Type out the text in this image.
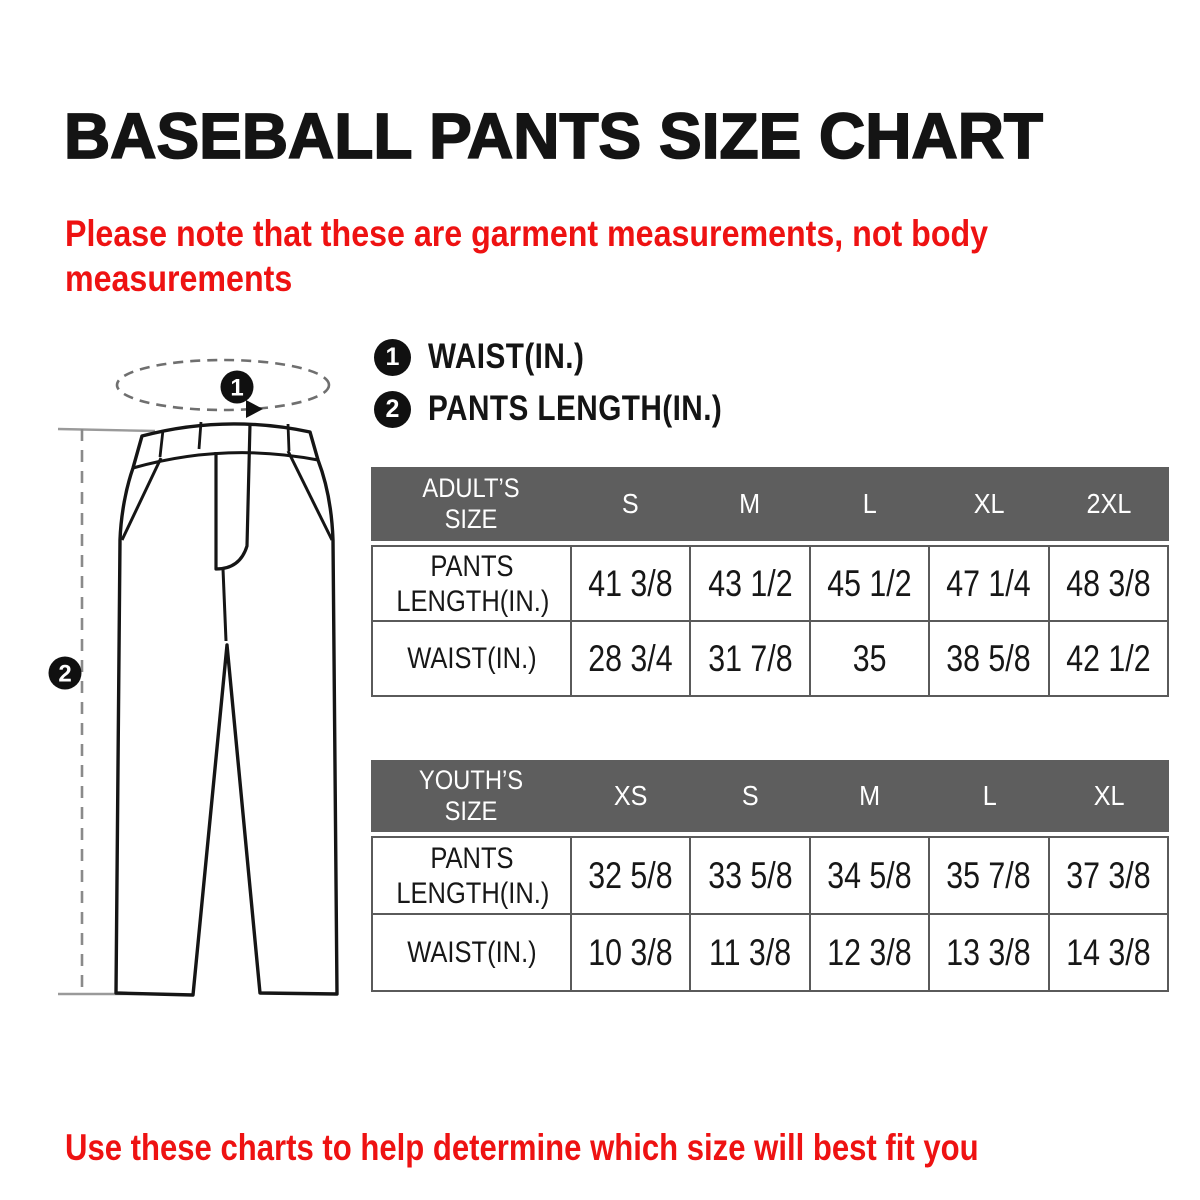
BASEBALL PANTS SIZE CHART

Please note that these are garment measurements, not body measurements

1
2
1 WAIST(IN.)
2 PANTS LENGTH(IN.)
ADULT’S SIZE	S	M	L	XL	2XL
PANTS LENGTH(IN.)	41 3/8	43 1/2	45 1/2	47 1/4	48 3/8
WAIST(IN.)	28 3/4	31 7/8	35	38 5/8	42 1/2
YOUTH’S SIZE	XS	S	M	L	XL
PANTS LENGTH(IN.)	32 5/8	33 5/8	34 5/8	35 7/8	37 3/8
WAIST(IN.)	10 3/8	11 3/8	12 3/8	13 3/8	14 3/8

Use these charts to help determine which size will best fit you
